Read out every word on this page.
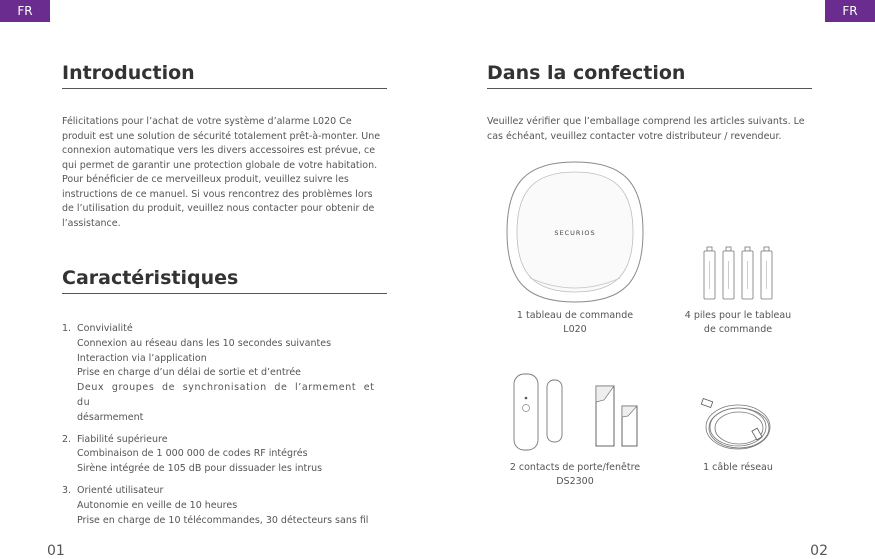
FR	FR
Introduction
Félicitations pour l’achat de votre système d’alarme L020 Ce
produit est une solution de sécurité totalement prêt-à-monter. Une
connexion automatique vers les divers accessoires est prévue, ce
qui permet de garantir une protection globale de votre habitation.
Pour bénéficier de ce merveilleux produit, veuillez suivre les
instructions de ce manuel. Si vous rencontrez des problèmes lors
de l’utilisation du produit, veuillez nous contacter pour obtenir de
l’assistance.
Caractéristiques
1. Convivialité
Connexion au réseau dans les 10 secondes suivantes
Interaction via l’application
Prise en charge d’un délai de sortie et d’entrée
Deux groupes de synchronisation de l’armement et du
désarmement
2. Fiabilité supérieure
Combinaison de 1 000 000 de codes RF intégrés
Sirène intégrée de 105 dB pour dissuader les intrus
3. Orienté utilisateur
Autonomie en veille de 10 heures
Prise en charge de 10 télécommandes, 30 détecteurs sans fil
01
Dans la confection
Veuillez vérifier que l’emballage comprend les articles suivants. Le
cas échéant, veuillez contacter votre distributeur / revendeur.
SECURIOS
1 tableau de commande
L020
4 piles pour le tableau
de commande
2 contacts de porte/fenêtre
DS2300
1 câble réseau
02
